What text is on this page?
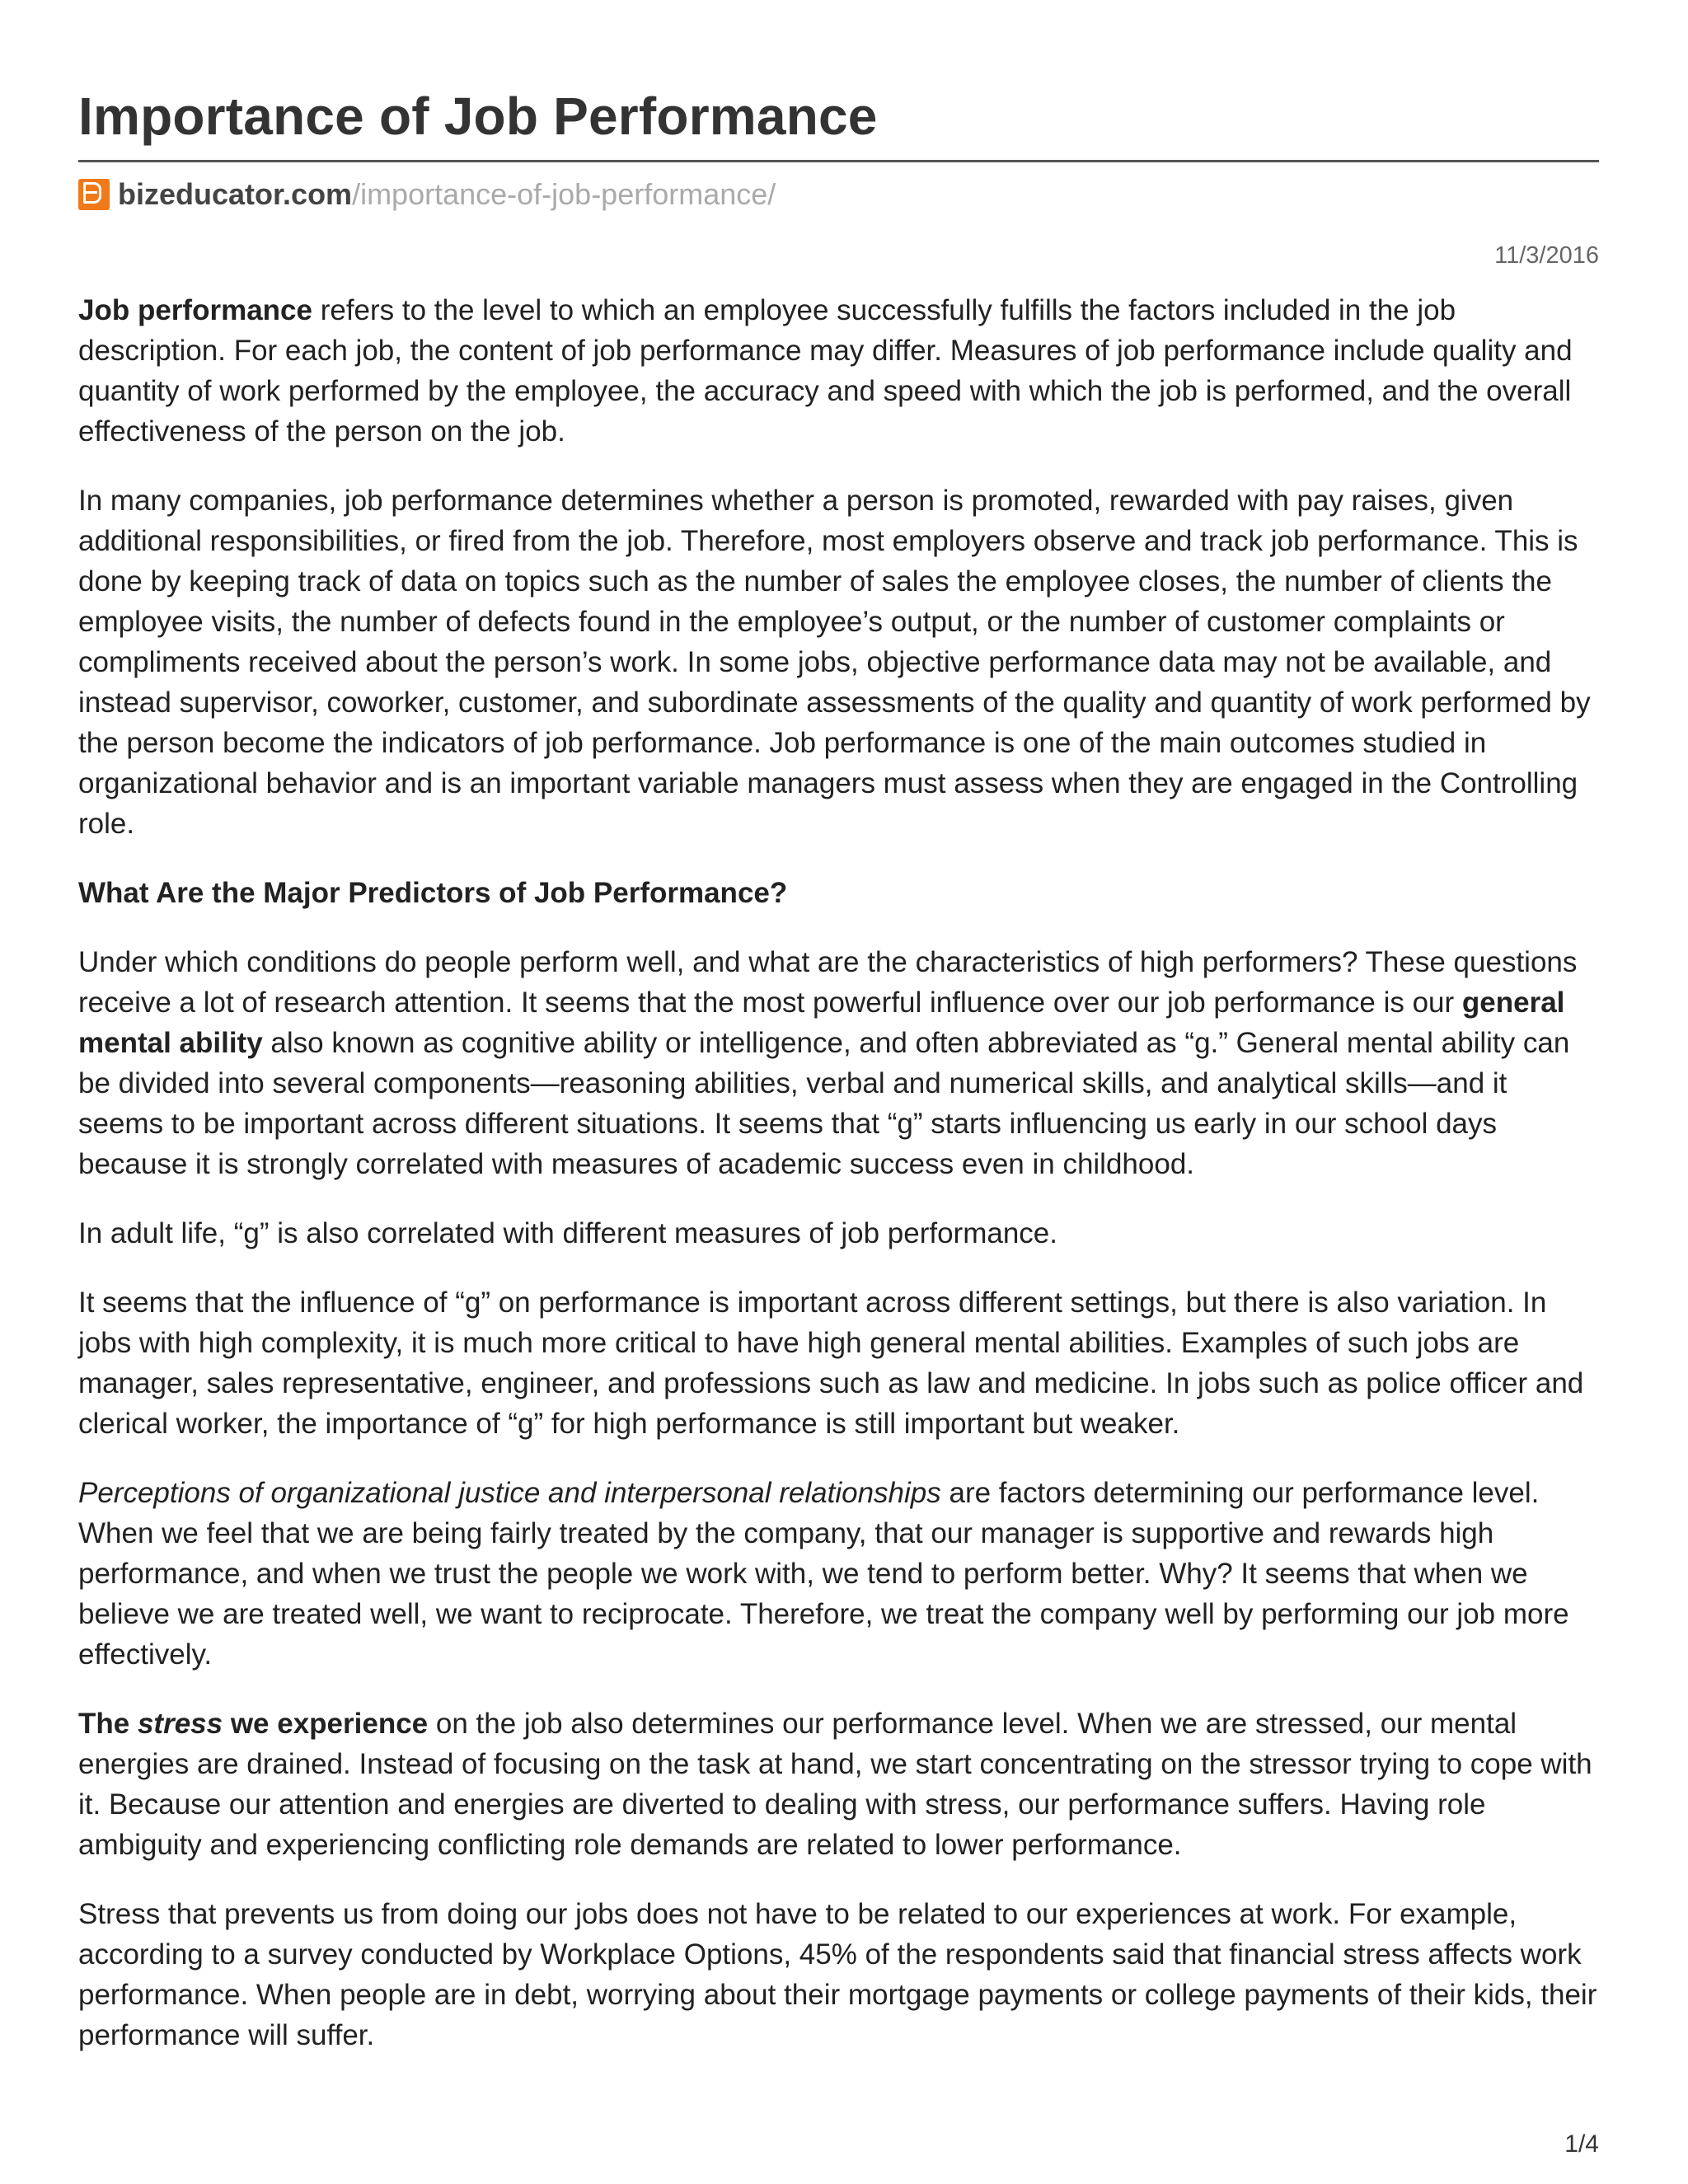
Importance of Job Performance
bizeducator.com /importance-of-job-performance/
11/3/2016

Job performance refers to the level to which an employee successfully fulfills the factors included in the job description. For each job, the content of job performance may differ. Measures of job performance include quality and quantity of work performed by the employee, the accuracy and speed with which the job is performed, and the overall effectiveness of the person on the job.

In many companies, job performance determines whether a person is promoted, rewarded with pay raises, given additional responsibilities, or fired from the job. Therefore, most employers observe and track job performance. This is done by keeping track of data on topics such as the number of sales the employee closes, the number of clients the employee visits, the number of defects found in the employee’s output, or the number of customer complaints or compliments received about the person’s work. In some jobs, objective performance data may not be available, and instead supervisor, coworker, customer, and subordinate assessments of the quality and quantity of work performed by the person become the indicators of job performance. Job performance is one of the main outcomes studied in organizational behavior and is an important variable managers must assess when they are engaged in the Controlling role.

What Are the Major Predictors of Job Performance?

Under which conditions do people perform well, and what are the characteristics of high performers? These questions receive a lot of research attention. It seems that the most powerful influence over our job performance is our general mental ability also known as cognitive ability or intelligence, and often abbreviated as “g.” General mental ability can be divided into several components—reasoning abilities, verbal and numerical skills, and analytical skills—and it seems to be important across different situations. It seems that “g” starts influencing us early in our school days because it is strongly correlated with measures of academic success even in childhood.

In adult life, “g” is also correlated with different measures of job performance.

It seems that the influence of “g” on performance is important across different settings, but there is also variation. In jobs with high complexity, it is much more critical to have high general mental abilities. Examples of such jobs are manager, sales representative, engineer, and professions such as law and medicine. In jobs such as police officer and clerical worker, the importance of “g” for high performance is still important but weaker.

Perceptions of organizational justice and interpersonal relationships are factors determining our performance level. When we feel that we are being fairly treated by the company, that our manager is supportive and rewards high performance, and when we trust the people we work with, we tend to perform better. Why? It seems that when we believe we are treated well, we want to reciprocate. Therefore, we treat the company well by performing our job more effectively.

The stress we experience on the job also determines our performance level. When we are stressed, our mental energies are drained. Instead of focusing on the task at hand, we start concentrating on the stressor trying to cope with it. Because our attention and energies are diverted to dealing with stress, our performance suffers. Having role ambiguity and experiencing conflicting role demands are related to lower performance.

Stress that prevents us from doing our jobs does not have to be related to our experiences at work. For example, according to a survey conducted by Workplace Options, 45% of the respondents said that financial stress affects work performance. When people are in debt, worrying about their mortgage payments or college payments of their kids, their performance will suffer.

1/4
